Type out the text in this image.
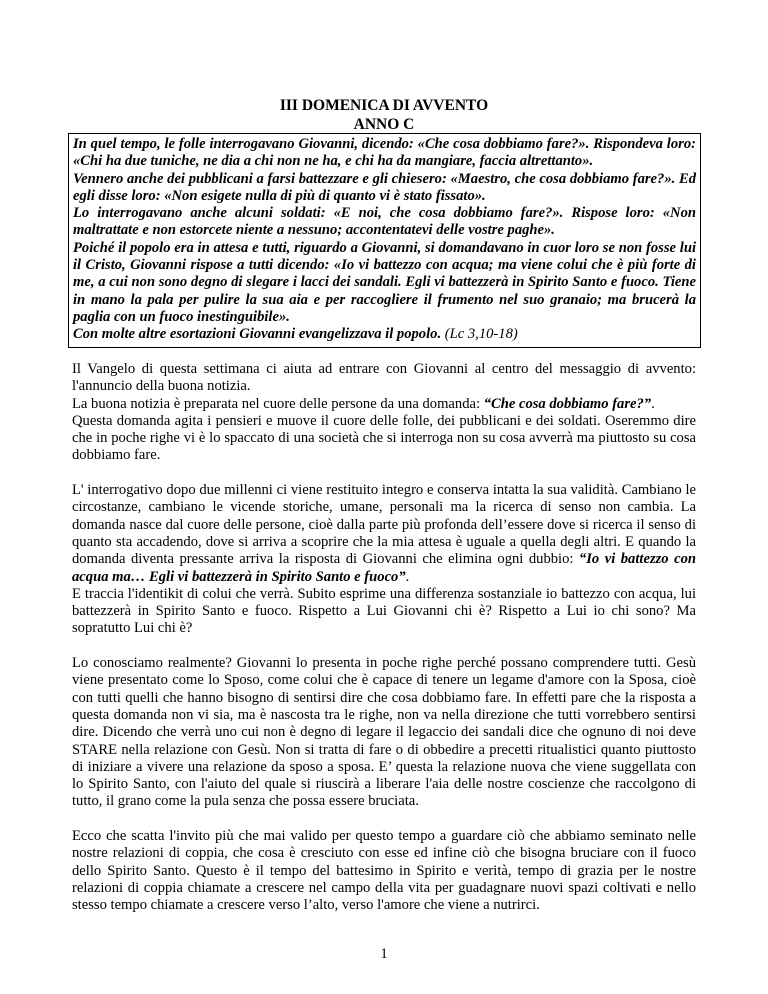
III DOMENICA DI AVVENTO
ANNO C

In quel tempo, le folle interrogavano Giovanni, dicendo: «Che cosa dobbiamo fare?». Rispondeva loro: «Chi ha due tuniche, ne dia a chi non ne ha, e chi ha da mangiare, faccia altrettanto».

Vennero anche dei pubblicani a farsi battezzare e gli chiesero: «Maestro, che cosa dobbiamo fare?». Ed egli disse loro: «Non esigete nulla di più di quanto vi è stato fissato».

Lo interrogavano anche alcuni soldati: «E noi, che cosa dobbiamo fare?». Rispose loro: «Non maltrattate e non estorcete niente a nessuno; accontentatevi delle vostre paghe».

Poiché il popolo era in attesa e tutti, riguardo a Giovanni, si domandavano in cuor loro se non fosse lui il Cristo, Giovanni rispose a tutti dicendo: «Io vi battezzo con acqua; ma viene colui che è più forte di me, a cui non sono degno di slegare i lacci dei sandali. Egli vi battezzerà in Spirito Santo e fuoco. Tiene in mano la pala per pulire la sua aia e per raccogliere il frumento nel suo granaio; ma brucerà la paglia con un fuoco inestinguibile».

Con molte altre esortazioni Giovanni evangelizzava il popolo. (Lc 3,10-18)

Il Vangelo di questa settimana ci aiuta ad entrare con Giovanni al centro del messaggio di avvento: l'annuncio della buona notizia.

La buona notizia è preparata nel cuore delle persone da una domanda: “Che cosa dobbiamo fare?”.

Questa domanda agita i pensieri e muove il cuore delle folle, dei pubblicani e dei soldati. Oseremmo dire che in poche righe vi è lo spaccato di una società che si interroga non su cosa avverrà ma piuttosto su cosa dobbiamo fare.

L' interrogativo dopo due millenni ci viene restituito integro e conserva intatta la sua validità. Cambiano le circostanze, cambiano le vicende storiche, umane, personali ma la ricerca di senso non cambia. La domanda nasce dal cuore delle persone, cioè dalla parte più profonda dell’essere dove si ricerca il senso di quanto sta accadendo, dove si arriva a scoprire che la mia attesa è uguale a quella degli altri. E quando la domanda diventa pressante arriva la risposta di Giovanni che elimina ogni dubbio: “Io vi battezzo con acqua ma… Egli vi battezzerà in Spirito Santo e fuoco”.

E traccia l'identikit di colui che verrà. Subito esprime una differenza sostanziale io battezzo con acqua, lui battezzerà in Spirito Santo e fuoco. Rispetto a Lui Giovanni chi è? Rispetto a Lui io chi sono? Ma sopratutto Lui chi è?

Lo conosciamo realmente? Giovanni lo presenta in poche righe perché possano comprendere tutti. Gesù viene presentato come lo Sposo, come colui che è capace di tenere un legame d'amore con la Sposa, cioè con tutti quelli che hanno bisogno di sentirsi dire che cosa dobbiamo fare. In effetti pare che la risposta a questa domanda non vi sia, ma è nascosta tra le righe, non va nella direzione che tutti vorrebbero sentirsi dire. Dicendo che verrà uno cui non è degno di legare il legaccio dei sandali dice che ognuno di noi deve STARE nella relazione con Gesù. Non si tratta di fare o di obbedire a precetti ritualistici quanto piuttosto di iniziare a vivere una relazione da sposo a sposa. E’ questa la relazione nuova che viene suggellata con lo Spirito Santo, con l'aiuto del quale si riuscirà a liberare l'aia delle nostre coscienze che raccolgono di tutto, il grano come la pula senza che possa essere bruciata.

Ecco che scatta l'invito più che mai valido per questo tempo a guardare ciò che abbiamo seminato nelle nostre relazioni di coppia, che cosa è cresciuto con esse ed infine ciò che bisogna bruciare con il fuoco dello Spirito Santo. Questo è il tempo del battesimo in Spirito e verità, tempo di grazia per le nostre relazioni di coppia chiamate a crescere nel campo della vita per guadagnare nuovi spazi coltivati e nello stesso tempo chiamate a crescere verso l’alto, verso l'amore che viene a nutrirci.

1
